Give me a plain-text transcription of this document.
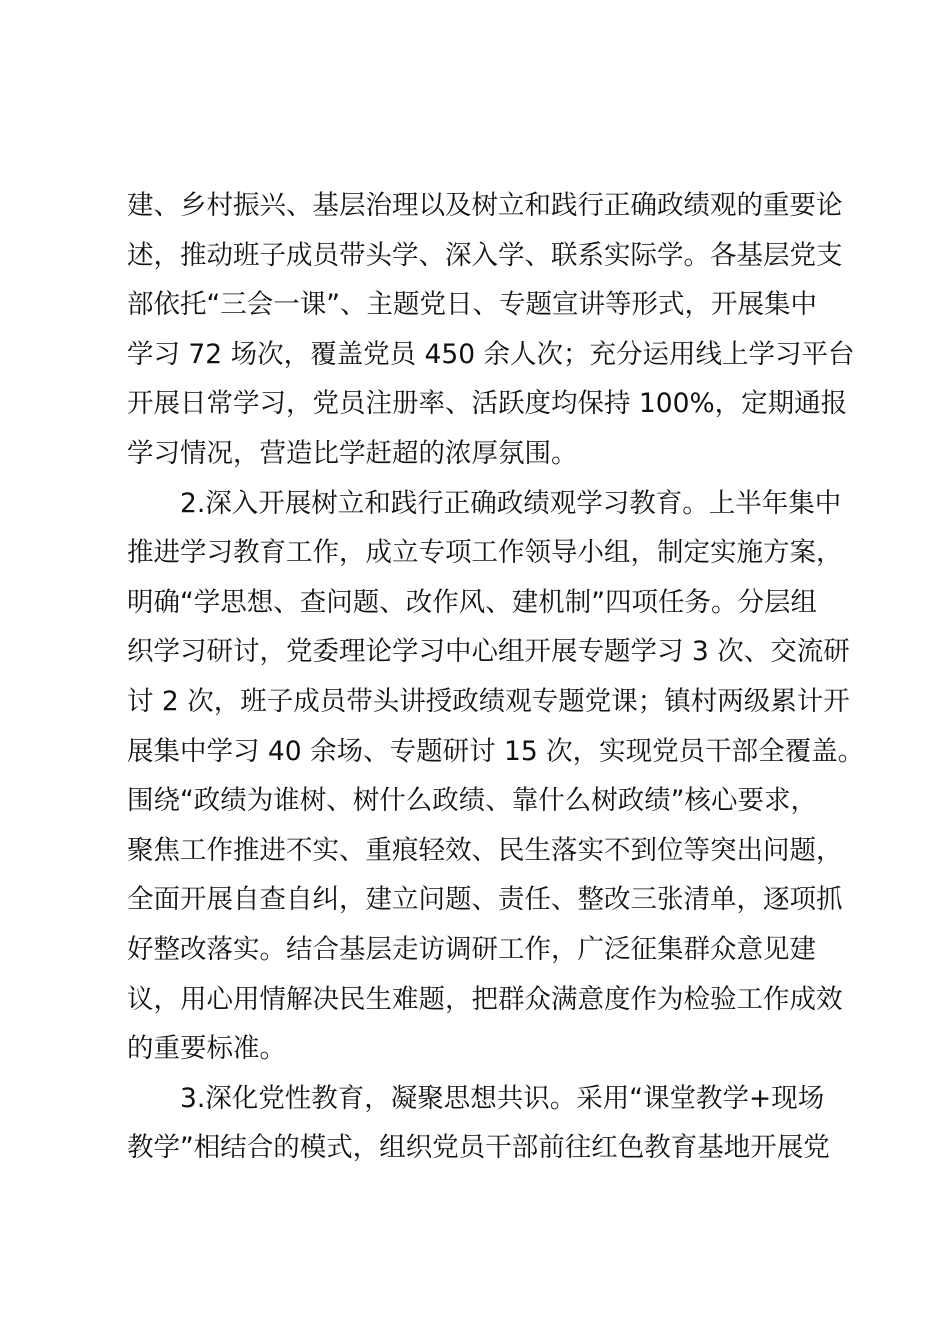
建、乡村振兴、基层治理以及树立和践行正确政绩观的重要论
述，推动班子成员带头学、深入学、联系实际学。各基层党支
部依托“三会一课”、主题党日、专题宣讲等形式，开展集中
学习 72 场次，覆盖党员 450 余人次；充分运用线上学习平台
开展日常学习，党员注册率、活跃度均保持 100%，定期通报
学习情况，营造比学赶超的浓厚氛围。
2.深入开展树立和践行正确政绩观学习教育。上半年集中
推进学习教育工作，成立专项工作领导小组，制定实施方案，
明确“学思想、查问题、改作风、建机制”四项任务。分层组
织学习研讨，党委理论学习中心组开展专题学习 3 次、交流研
讨 2 次，班子成员带头讲授政绩观专题党课；镇村两级累计开
展集中学习 40 余场、专题研讨 15 次，实现党员干部全覆盖。
围绕“政绩为谁树、树什么政绩、靠什么树政绩”核心要求，
聚焦工作推进不实、重痕轻效、民生落实不到位等突出问题，
全面开展自查自纠，建立问题、责任、整改三张清单，逐项抓
好整改落实。结合基层走访调研工作，广泛征集群众意见建
议，用心用情解决民生难题，把群众满意度作为检验工作成效
的重要标准。
3.深化党性教育，凝聚思想共识。采用“课堂教学+现场
教学”相结合的模式，组织党员干部前往红色教育基地开展党
